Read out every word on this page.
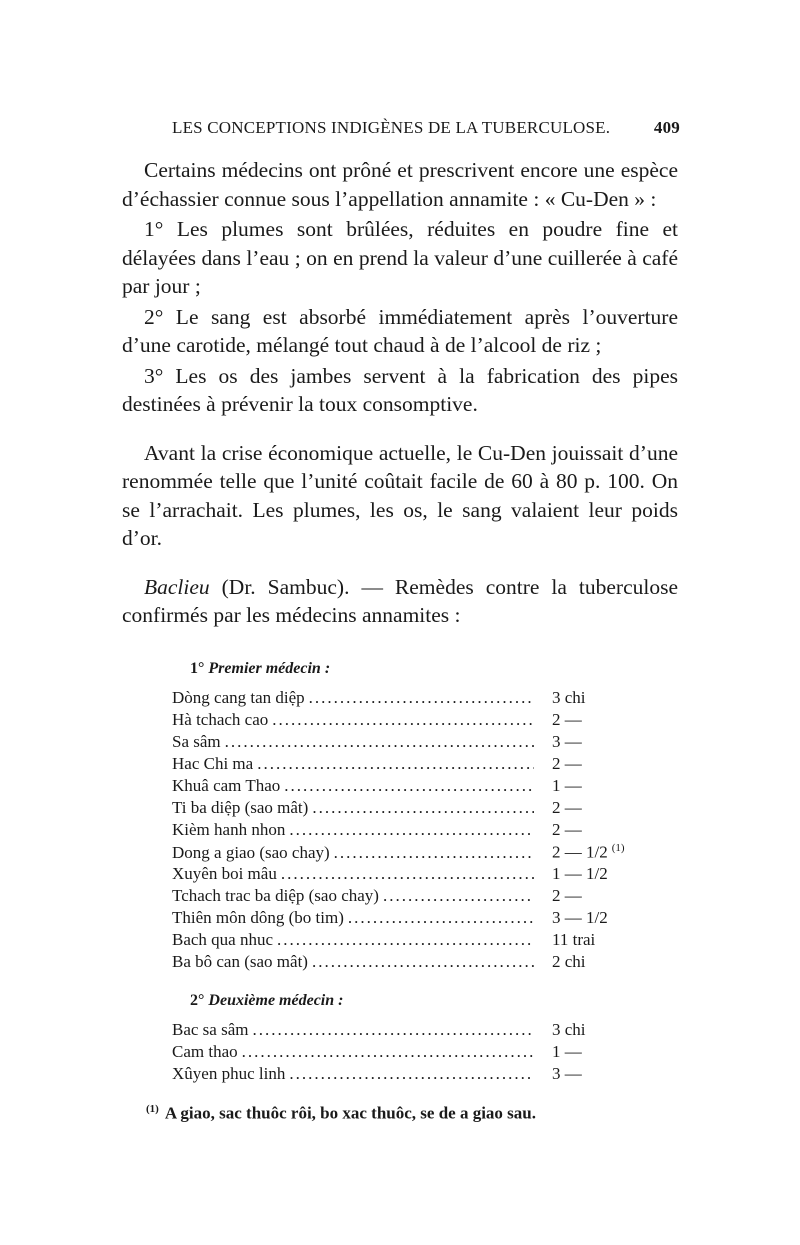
LES CONCEPTIONS INDIGÈNES DE LA TUBERCULOSE.	409

Certains médecins ont prôné et prescrivent encore une espèce d’échassier connue sous l’appellation annamite : « Cu-Den » :

1° Les plumes sont brûlées, réduites en poudre fine et délayées dans l’eau ; on en prend la valeur d’une cuillerée à café par jour ;

2° Le sang est absorbé immédiatement après l’ouverture d’une carotide, mélangé tout chaud à de l’alcool de riz ;

3° Les os des jambes servent à la fabrication des pipes destinées à prévenir la toux consomptive.

Avant la crise économique actuelle, le Cu-Den jouissait d’une renommée telle que l’unité coûtait facile de 60 à 80 p. 100. On se l’arrachait. Les plumes, les os, le sang valaient leur poids d’or.

Baclieu (Dr. Sambuc). — Remèdes contre la tuberculose confirmés par les médecins annamites :

1° Premier médecin :
Dòng cang tan diệp .....	3 chi
Hà tchach cao .....	2 —
Sa sâm .....	3 —
Hac Chi ma .....	2 —
Khuâ cam Thao .....	1 —
Ti ba diệp (sao mât) .....	2 —
Kièm hanh nhon .....	2 —
Dong a giao (sao chay) .....	2 — 1/2 $^{(1)}$
Xuyên boi mâu .....	1 — 1/2
Tchach trac ba diệp (sao chay) .....	2 —
Thiên môn dông (bo tim) .....	3 — 1/2
Bach qua nhuc .....	11 trai
Ba bô can (sao mât) .....	2 chi
2° Deuxième médecin :
Bac sa sâm .....	3 chi
Cam thao .....	1 —
Xûyen phuc linh .....	3 —
$^{(1)}$ A giao, sac thuôc rôi, bo xac thuôc, se de a giao sau.
